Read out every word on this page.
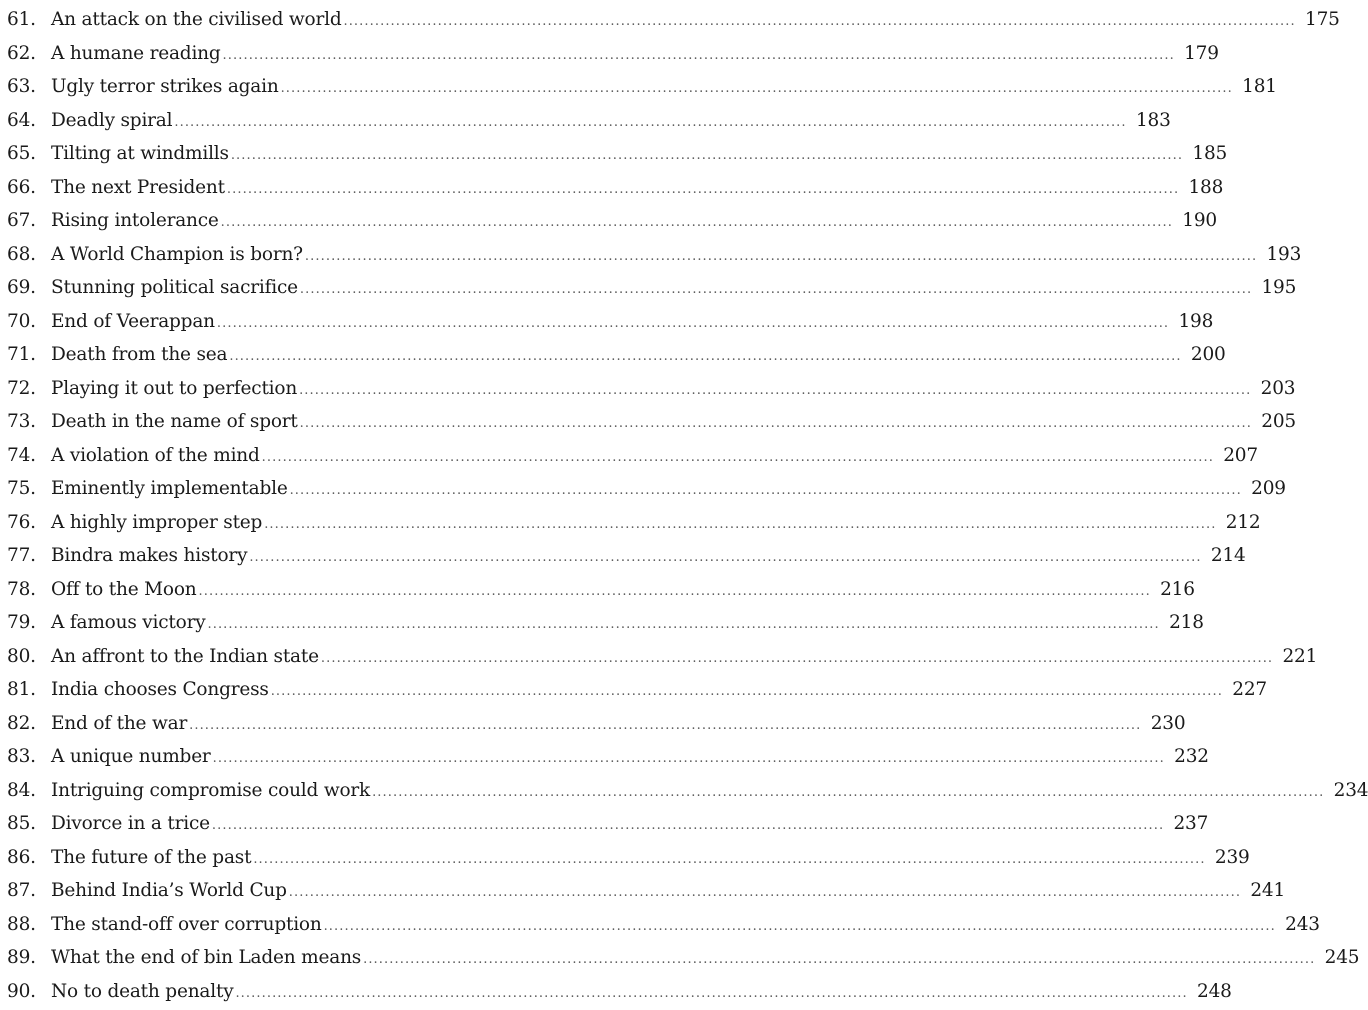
61. An attack on the civilised world .....	175
62. A humane reading .....	179
63. Ugly terror strikes again .....	181
64. Deadly spiral .....	183
65. Tilting at windmills .....	185
66. The next President .....	188
67. Rising intolerance .....	190
68. A World Champion is born? .....	193
69. Stunning political sacrifice .....	195
70. End of Veerappan .....	198
71. Death from the sea .....	200
72. Playing it out to perfection .....	203
73. Death in the name of sport .....	205
74. A violation of the mind .....	207
75. Eminently implementable .....	209
76. A highly improper step .....	212
77. Bindra makes history .....	214
78. Off to the Moon .....	216
79. A famous victory .....	218
80. An affront to the Indian state .....	221
81. India chooses Congress .....	227
82. End of the war .....	230
83. A unique number .....	232
84. Intriguing compromise could work .....	234
85. Divorce in a trice .....	237
86. The future of the past .....	239
87. Behind India’s World Cup .....	241
88. The stand-off over corruption .....	243
89. What the end of bin Laden means .....	245
90. No to death penalty .....	248
